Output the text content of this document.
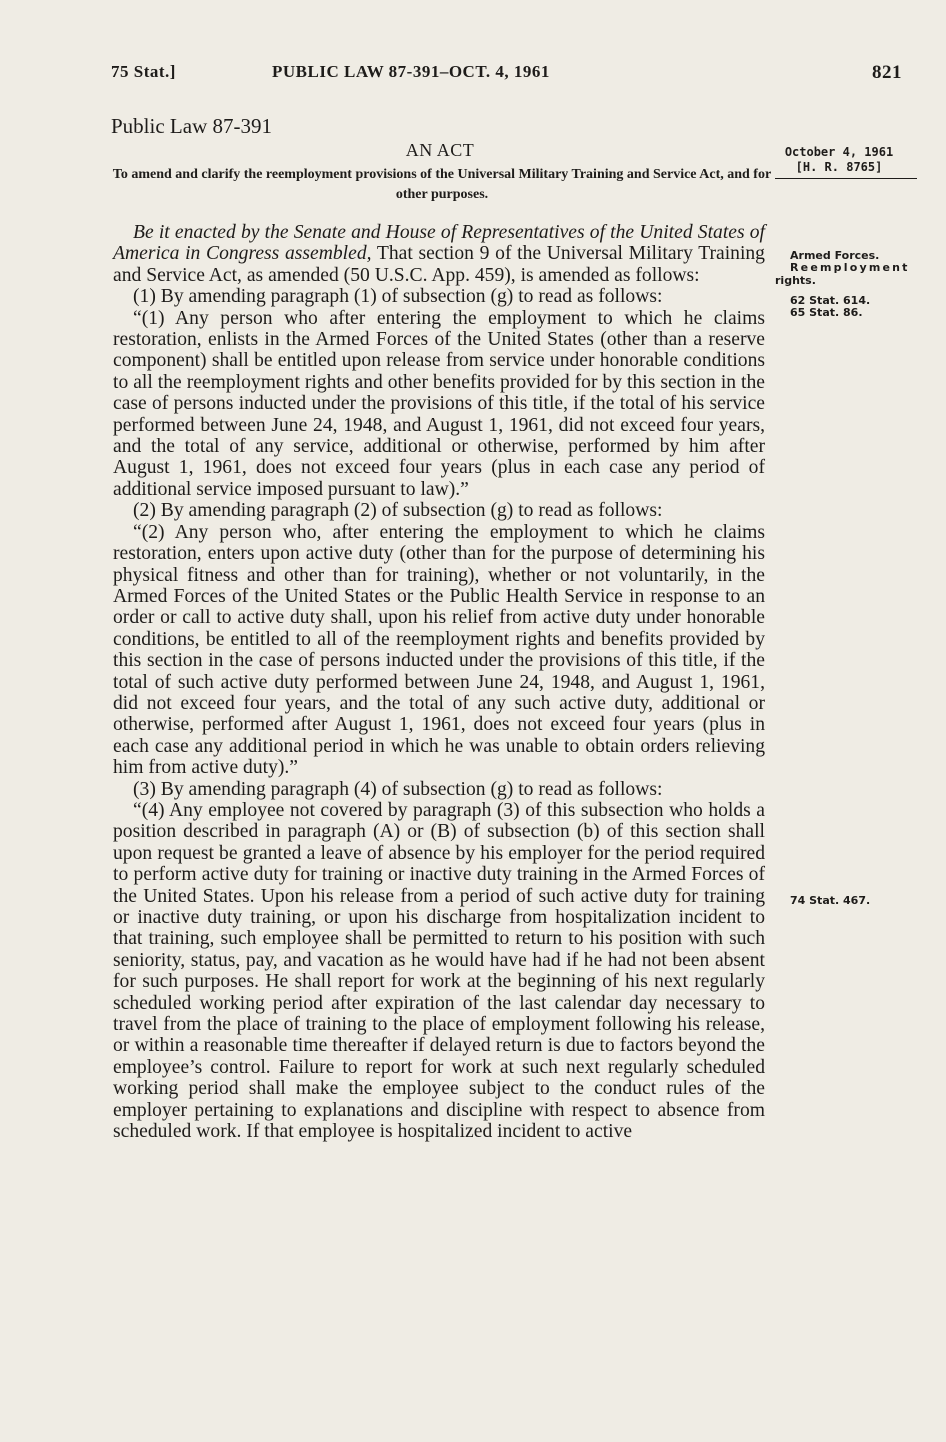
75 Stat.]	PUBLIC LAW 87-391–OCT. 4, 1961	821
Public Law 87-391
AN ACT
To amend and clarify the reemployment provisions of the Universal Military Training and Service Act, and for other purposes.
October 4, 1961
[H. R. 8765]
Armed Forces.
Reemployment
rights.
62 Stat. 614.
65 Stat. 86.
74 Stat. 467.

Be it enacted by the Senate and House of Representatives of the United States of America in Congress assembled, That section 9 of the Universal Military Training and Service Act, as amended (50 U.S.C. App. 459), is amended as follows:

(1) By amending paragraph (1) of subsection (g) to read as follows:

“(1) Any person who after entering the employment to which he claims restoration, enlists in the Armed Forces of the United States (other than a reserve component) shall be entitled upon release from service under honorable conditions to all the reemployment rights and other benefits provided for by this section in the case of persons inducted under the provisions of this title, if the total of his service performed between June 24, 1948, and August 1, 1961, did not exceed four years, and the total of any service, additional or otherwise, performed by him after August 1, 1961, does not exceed four years (plus in each case any period of additional service imposed pursuant to law).”

(2) By amending paragraph (2) of subsection (g) to read as follows:

“(2) Any person who, after entering the employment to which he claims restoration, enters upon active duty (other than for the purpose of determining his physical fitness and other than for training), whether or not voluntarily, in the Armed Forces of the United States or the Public Health Service in response to an order or call to active duty shall, upon his relief from active duty under honorable conditions, be entitled to all of the reemployment rights and benefits provided by this section in the case of persons inducted under the provisions of this title, if the total of such active duty performed between June 24, 1948, and August 1, 1961, did not exceed four years, and the total of any such active duty, additional or otherwise, performed after August 1, 1961, does not exceed four years (plus in each case any additional period in which he was unable to obtain orders relieving him from active duty).”

(3) By amending paragraph (4) of subsection (g) to read as follows:

“(4) Any employee not covered by paragraph (3) of this subsection who holds a position described in paragraph (A) or (B) of subsection (b) of this section shall upon request be granted a leave of absence by his employer for the period required to perform active duty for training or inactive duty training in the Armed Forces of the United States. Upon his release from a period of such active duty for training or inactive duty training, or upon his discharge from hospitalization incident to that training, such employee shall be permitted to return to his position with such seniority, status, pay, and vacation as he would have had if he had not been absent for such purposes. He shall report for work at the beginning of his next regularly scheduled working period after expiration of the last calendar day necessary to travel from the place of training to the place of employment following his release, or within a reasonable time thereafter if delayed return is due to factors beyond the employee’s control. Failure to report for work at such next regularly scheduled working period shall make the employee subject to the conduct rules of the employer pertaining to explanations and discipline with respect to absence from scheduled work. If that employee is hospitalized incident to active
